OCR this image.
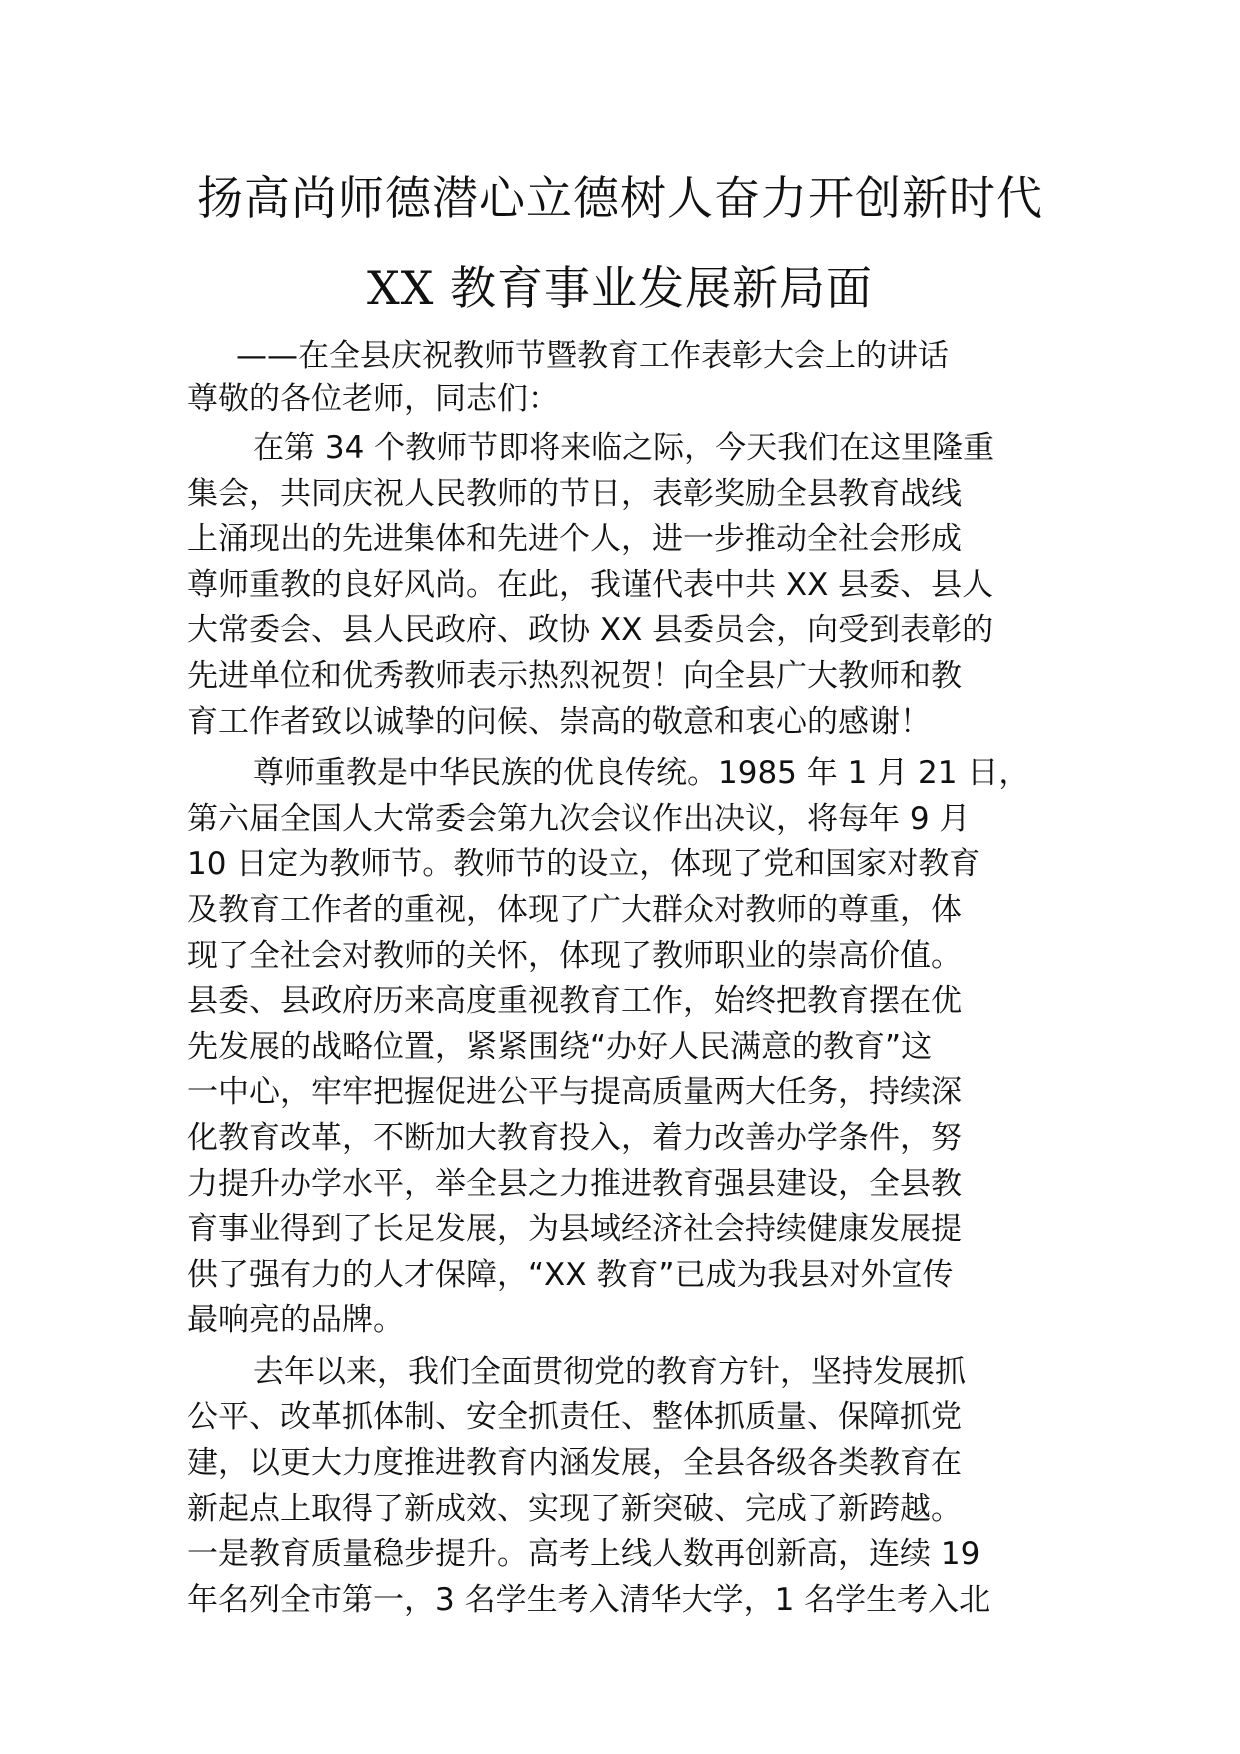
扬高尚师德潜心立德树人奋力开创新时代
XX 教育事业发展新局面
——在全县庆祝教师节暨教育工作表彰大会上的讲话
尊敬的各位老师，同志们：
在第 34 个教师节即将来临之际，今天我们在这里隆重
集会，共同庆祝人民教师的节日，表彰奖励全县教育战线
上涌现出的先进集体和先进个人，进一步推动全社会形成
尊师重教的良好风尚。在此，我谨代表中共 XX 县委、县人
大常委会、县人民政府、政协 XX 县委员会，向受到表彰的
先进单位和优秀教师表示热烈祝贺！向全县广大教师和教
育工作者致以诚挚的问候、崇高的敬意和衷心的感谢！
尊师重教是中华民族的优良传统。1985 年 1 月 21 日，
第六届全国人大常委会第九次会议作出决议，将每年 9 月
10 日定为教师节。教师节的设立，体现了党和国家对教育
及教育工作者的重视，体现了广大群众对教师的尊重，体
现了全社会对教师的关怀，体现了教师职业的崇高价值。
县委、县政府历来高度重视教育工作，始终把教育摆在优
先发展的战略位置，紧紧围绕“办好人民满意的教育”这
一中心，牢牢把握促进公平与提高质量两大任务，持续深
化教育改革，不断加大教育投入，着力改善办学条件，努
力提升办学水平，举全县之力推进教育强县建设，全县教
育事业得到了长足发展，为县域经济社会持续健康发展提
供了强有力的人才保障，“XX 教育”已成为我县对外宣传
最响亮的品牌。
去年以来，我们全面贯彻党的教育方针，坚持发展抓
公平、改革抓体制、安全抓责任、整体抓质量、保障抓党
建，以更大力度推进教育内涵发展，全县各级各类教育在
新起点上取得了新成效、实现了新突破、完成了新跨越。
一是教育质量稳步提升。高考上线人数再创新高，连续 19
年名列全市第一，3 名学生考入清华大学，1 名学生考入北
